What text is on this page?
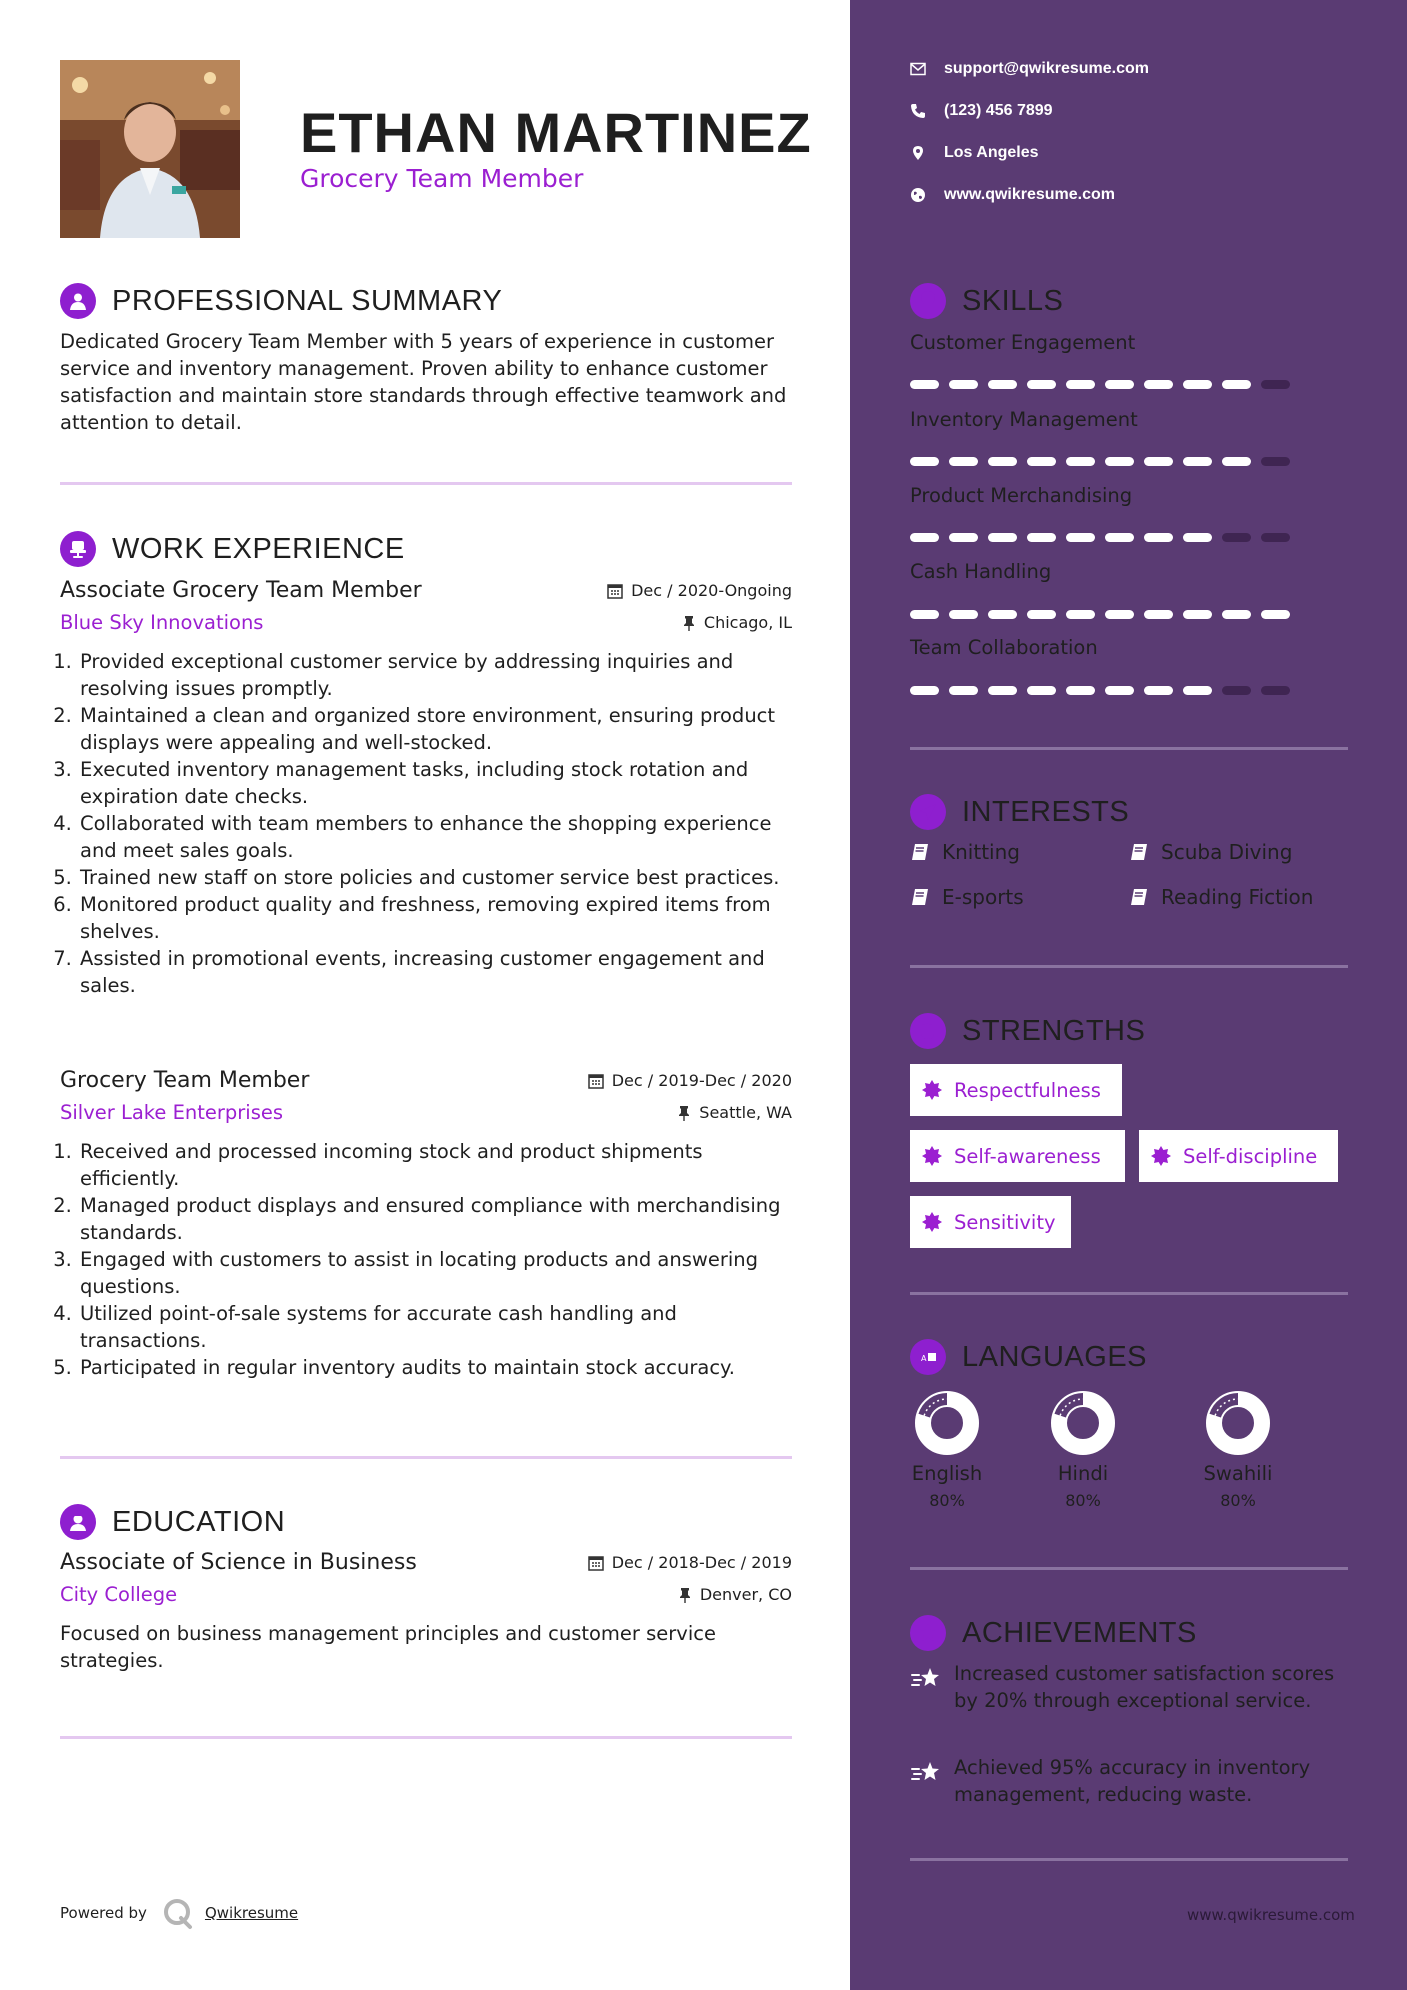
ETHAN MARTINEZ
Grocery Team Member
PROFESSIONAL SUMMARY
Dedicated Grocery Team Member with 5 years of experience in customer service and inventory management. Proven ability to enhance customer satisfaction and maintain store standards through effective teamwork and attention to detail.
WORK EXPERIENCE
Associate Grocery Team Member	Dec / 2020-Ongoing
Blue Sky Innovations	Chicago, IL
1. Provided exceptional customer service by addressing inquiries and resolving issues promptly.
2. Maintained a clean and organized store environment, ensuring product displays were appealing and well-stocked.
3. Executed inventory management tasks, including stock rotation and expiration date checks.
4. Collaborated with team members to enhance the shopping experience and meet sales goals.
5. Trained new staff on store policies and customer service best practices.
6. Monitored product quality and freshness, removing expired items from shelves.
7. Assisted in promotional events, increasing customer engagement and sales.
Grocery Team Member	Dec / 2019-Dec / 2020
Silver Lake Enterprises	Seattle, WA
1. Received and processed incoming stock and product shipments efficiently.
2. Managed product displays and ensured compliance with merchandising standards.
3. Engaged with customers to assist in locating products and answering questions.
4. Utilized point-of-sale systems for accurate cash handling and transactions.
5. Participated in regular inventory audits to maintain stock accuracy.
EDUCATION
Associate of Science in Business	Dec / 2018-Dec / 2019
City College	Denver, CO
Focused on business management principles and customer service strategies.
Powered by	Qwikresume
support@qwikresume.com
(123) 456 7899
Los Angeles
www.qwikresume.com
SKILLS
Customer Engagement
Inventory Management
Product Merchandising
Cash Handling
Team Collaboration
INTERESTS
Knitting	Scuba Diving
E-sports	Reading Fiction
STRENGTHS
Respectfulness
Self-awareness	Self-discipline
Sensitivity
A LANGUAGES
English
80%
Hindi
80%
Swahili
80%
ACHIEVEMENTS
Increased customer satisfaction scores by 20% through exceptional service.
Achieved 95% accuracy in inventory management, reducing waste.
www.qwikresume.com
